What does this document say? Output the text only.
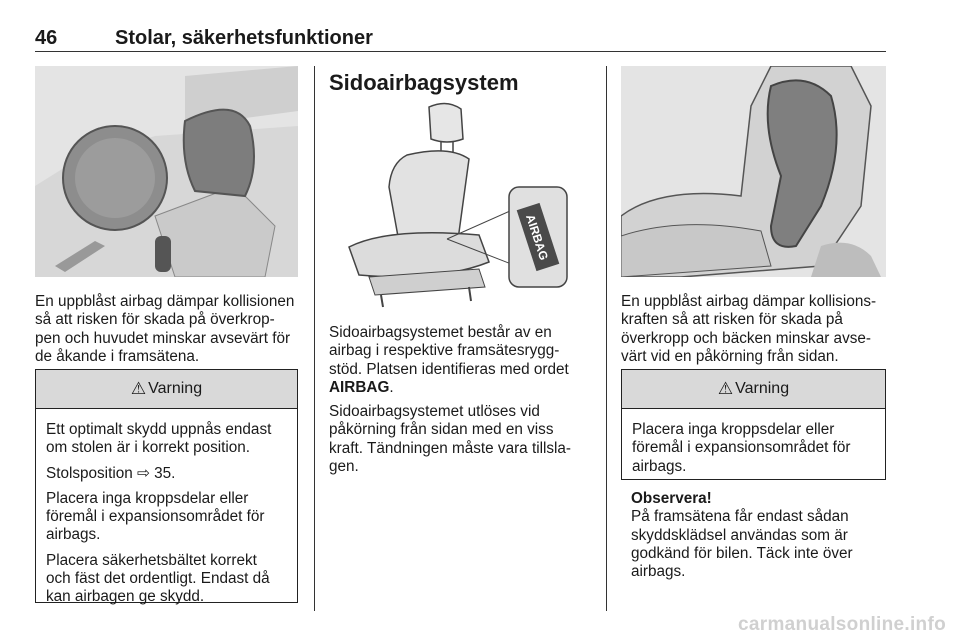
46	Stolar, säkerhetsfunktioner

En uppblåst airbag dämpar kollisionen
så att risken för skada på överkrop-
pen och huvudet minskar avsevärt för
de åkande i framsätena.

⚠ Varning

Ett optimalt skydd uppnås endast
om stolen är i korrekt position.

Stolsposition ⇨ 35.

Placera inga kroppsdelar eller
föremål i expansionsområdet för
airbags.

Placera säkerhetsbältet korrekt
och fäst det ordentligt. Endast då
kan airbagen ge skydd.

Sidoairbagsystem
AIRBAG

Sidoairbagsystemet består av en
airbag i respektive framsätesrygg-
stöd. Platsen identifieras med ordet
AIRBAG.

Sidoairbagsystemet utlöses vid
påkörning från sidan med en viss
kraft. Tändningen måste vara tillsla-
gen.

En uppblåst airbag dämpar kollisions-
kraften så att risken för skada på
överkropp och bäcken minskar avse-
värt vid en påkörning från sidan.

⚠ Varning

Placera inga kroppsdelar eller
föremål i expansionsområdet för
airbags.

Observera!

På framsätena får endast sådan
skyddsklädsel användas som är
godkänd för bilen. Täck inte över
airbags.

carmanualsonline.info
